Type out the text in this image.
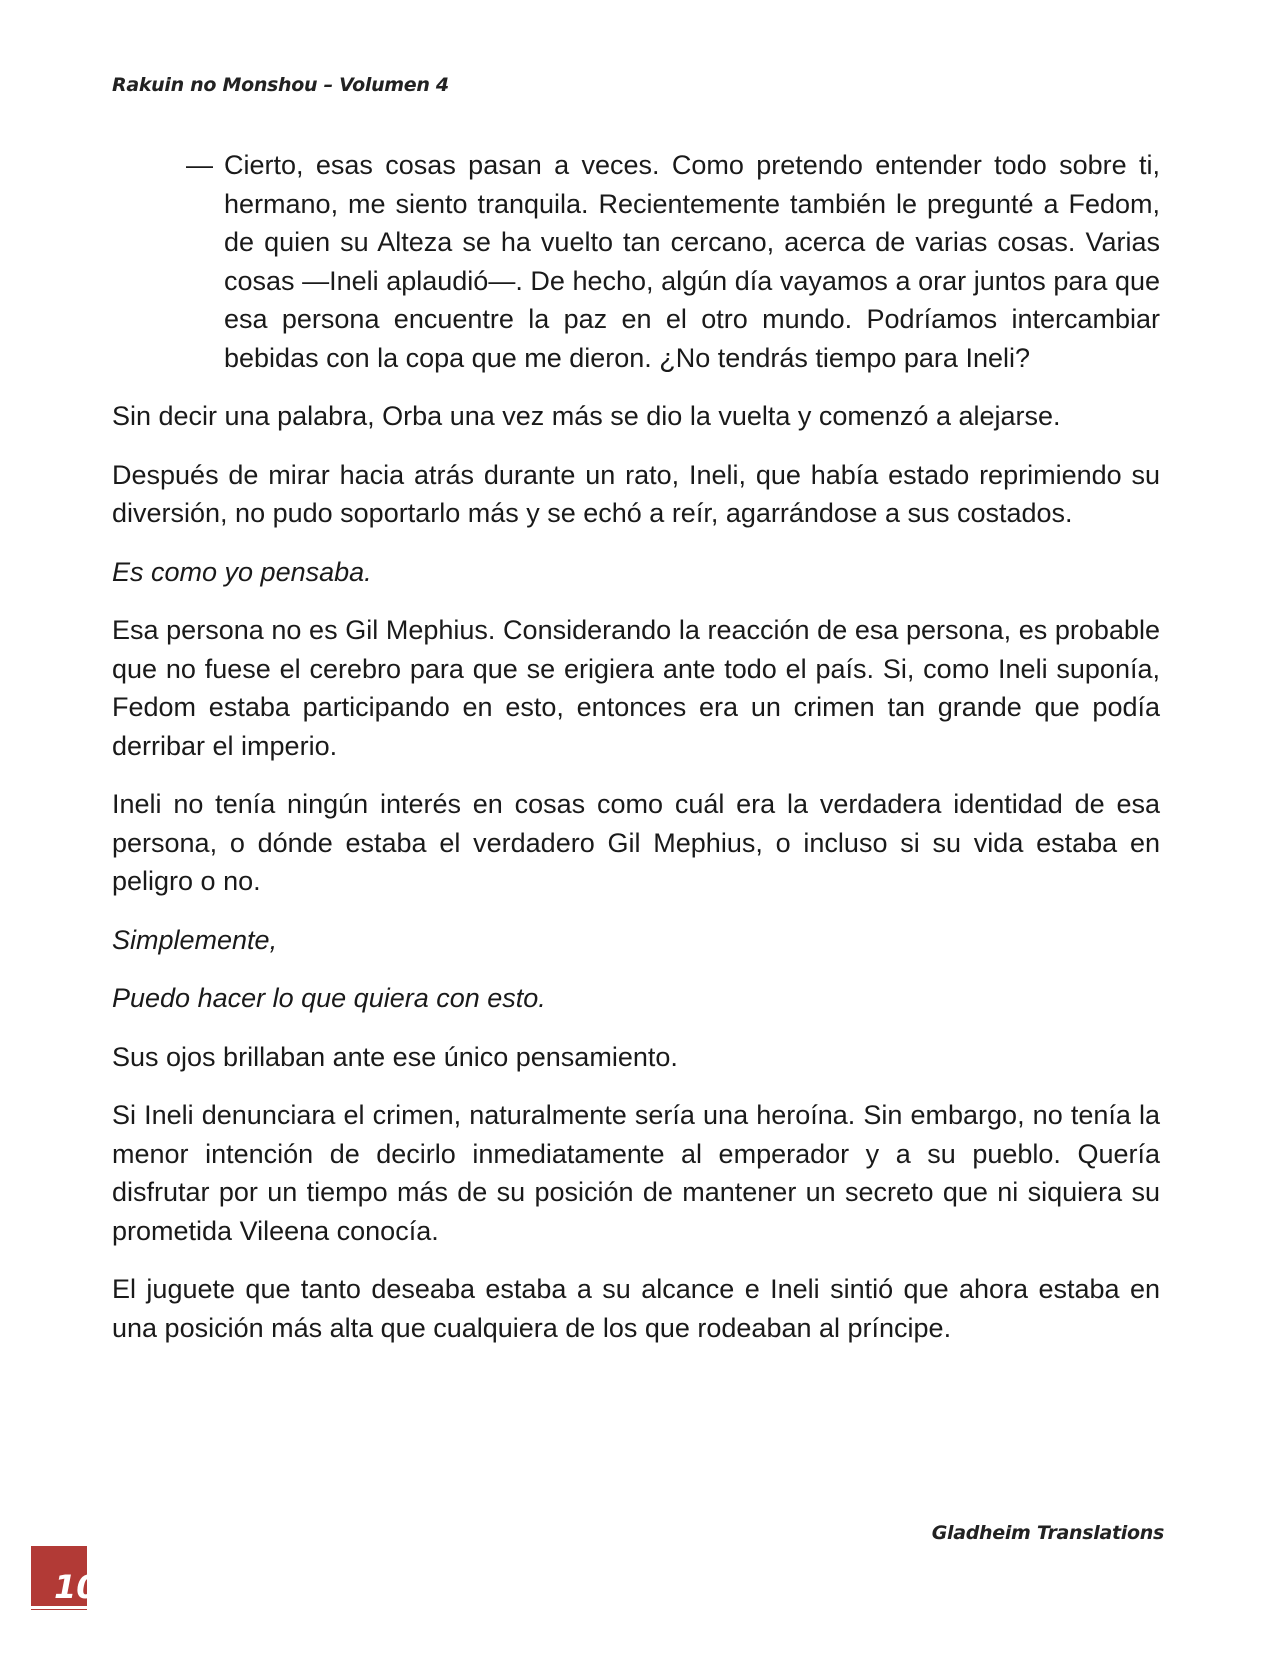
Rakuin no Monshou – Volumen 4
— Cierto, esas cosas pasan a veces. Como pretendo entender todo sobre ti, hermano, me siento tranquila. Recientemente también le pregunté a Fedom, de quien su Alteza se ha vuelto tan cercano, acerca de varias cosas. Varias cosas —Ineli aplaudió—. De hecho, algún día vayamos a orar juntos para que esa persona encuentre la paz en el otro mundo. Podríamos intercambiar bebidas con la copa que me dieron. ¿No tendrás tiempo para Ineli?

Sin decir una palabra, Orba una vez más se dio la vuelta y comenzó a alejarse.

Después de mirar hacia atrás durante un rato, Ineli, que había estado reprimiendo su diversión, no pudo soportarlo más y se echó a reír, agarrándose a sus costados.

Es como yo pensaba.

Esa persona no es Gil Mephius. Considerando la reacción de esa persona, es probable que no fuese el cerebro para que se erigiera ante todo el país. Si, como Ineli suponía, Fedom estaba participando en esto, entonces era un crimen tan grande que podía derribar el imperio.

Ineli no tenía ningún interés en cosas como cuál era la verdadera identidad de esa persona, o dónde estaba el verdadero Gil Mephius, o incluso si su vida estaba en peligro o no.

Simplemente,

Puedo hacer lo que quiera con esto.

Sus ojos brillaban ante ese único pensamiento.

Si Ineli denunciara el crimen, naturalmente sería una heroína. Sin embargo, no tenía la menor intención de decirlo inmediatamente al emperador y a su pueblo. Quería disfrutar por un tiempo más de su posición de mantener un secreto que ni siquiera su prometida Vileena conocía.

El juguete que tanto deseaba estaba a su alcance e Ineli sintió que ahora estaba en una posición más alta que cualquiera de los que rodeaban al príncipe.

Gladheim Translations
10
